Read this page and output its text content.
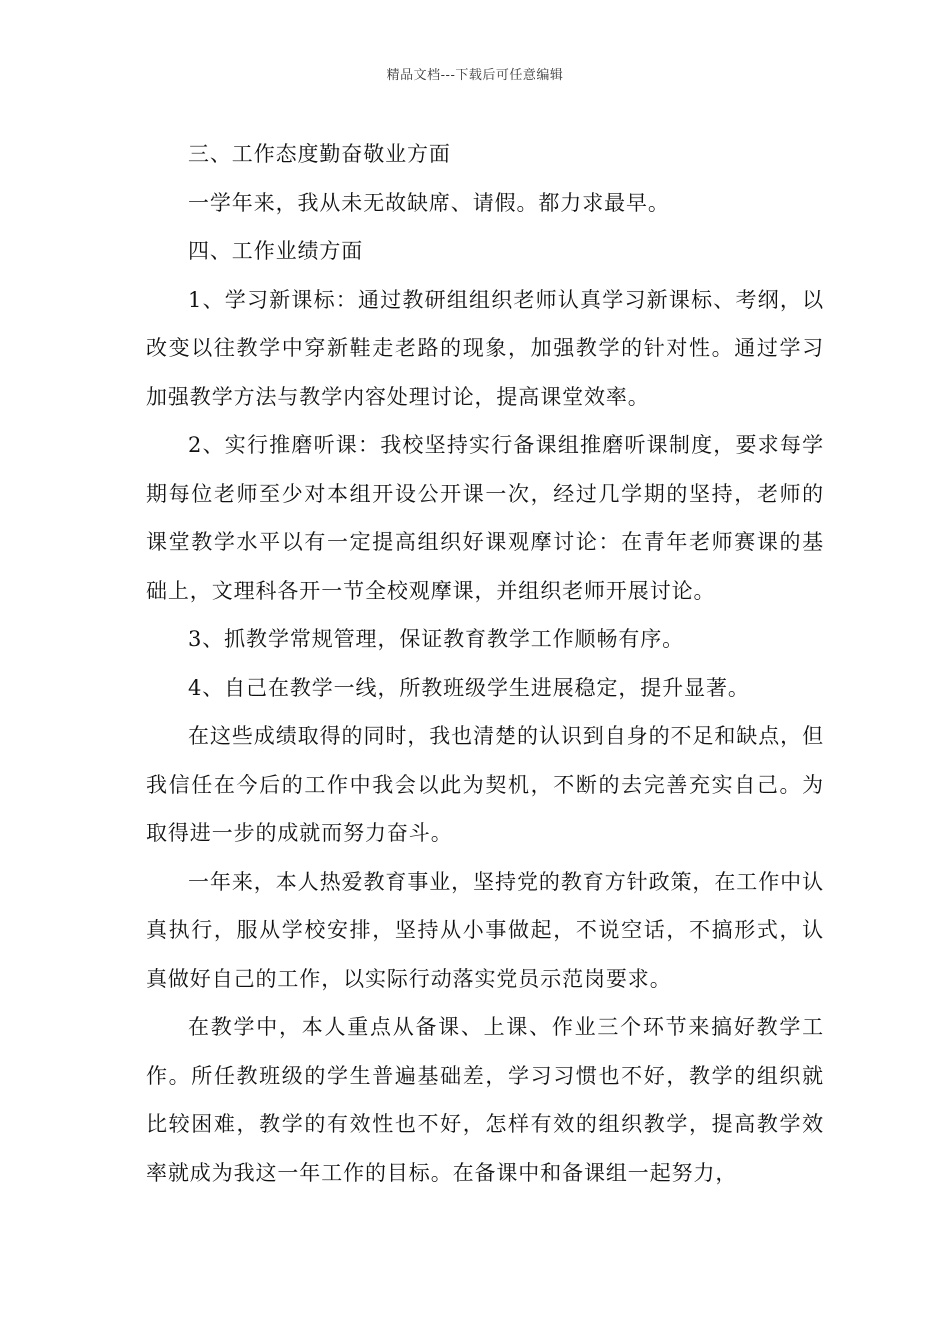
精品文档---下载后可任意编辑

三、工作态度勤奋敬业方面

一学年来，我从未无故缺席、请假。都力求最早。

四、工作业绩方面

1、学习新课标：通过教研组组织老师认真学习新课标、考纲，以改变以往教学中穿新鞋走老路的现象，加强教学的针对性。通过学习加强教学方法与教学内容处理讨论，提高课堂效率。

2、实行推磨听课：我校坚持实行备课组推磨听课制度，要求每学期每位老师至少对本组开设公开课一次，经过几学期的坚持，老师的课堂教学水平以有一定提高组织好课观摩讨论：在青年老师赛课的基础上，文理科各开一节全校观摩课，并组织老师开展讨论。

3、抓教学常规管理，保证教育教学工作顺畅有序。

4、自己在教学一线，所教班级学生进展稳定，提升显著。

在这些成绩取得的同时，我也清楚的认识到自身的不足和缺点，但我信任在今后的工作中我会以此为契机，不断的去完善充实自己。为取得进一步的成就而努力奋斗。

一年来，本人热爱教育事业，坚持党的教育方针政策，在工作中认真执行，服从学校安排，坚持从小事做起，不说空话，不搞形式，认真做好自己的工作，以实际行动落实党员示范岗要求。

在教学中，本人重点从备课、上课、作业三个环节来搞好教学工作。所任教班级的学生普遍基础差，学习习惯也不好，教学的组织就比较困难，教学的有效性也不好，怎样有效的组织教学，提高教学效率就成为我这一年工作的目标。在备课中和备课组一起努力，
